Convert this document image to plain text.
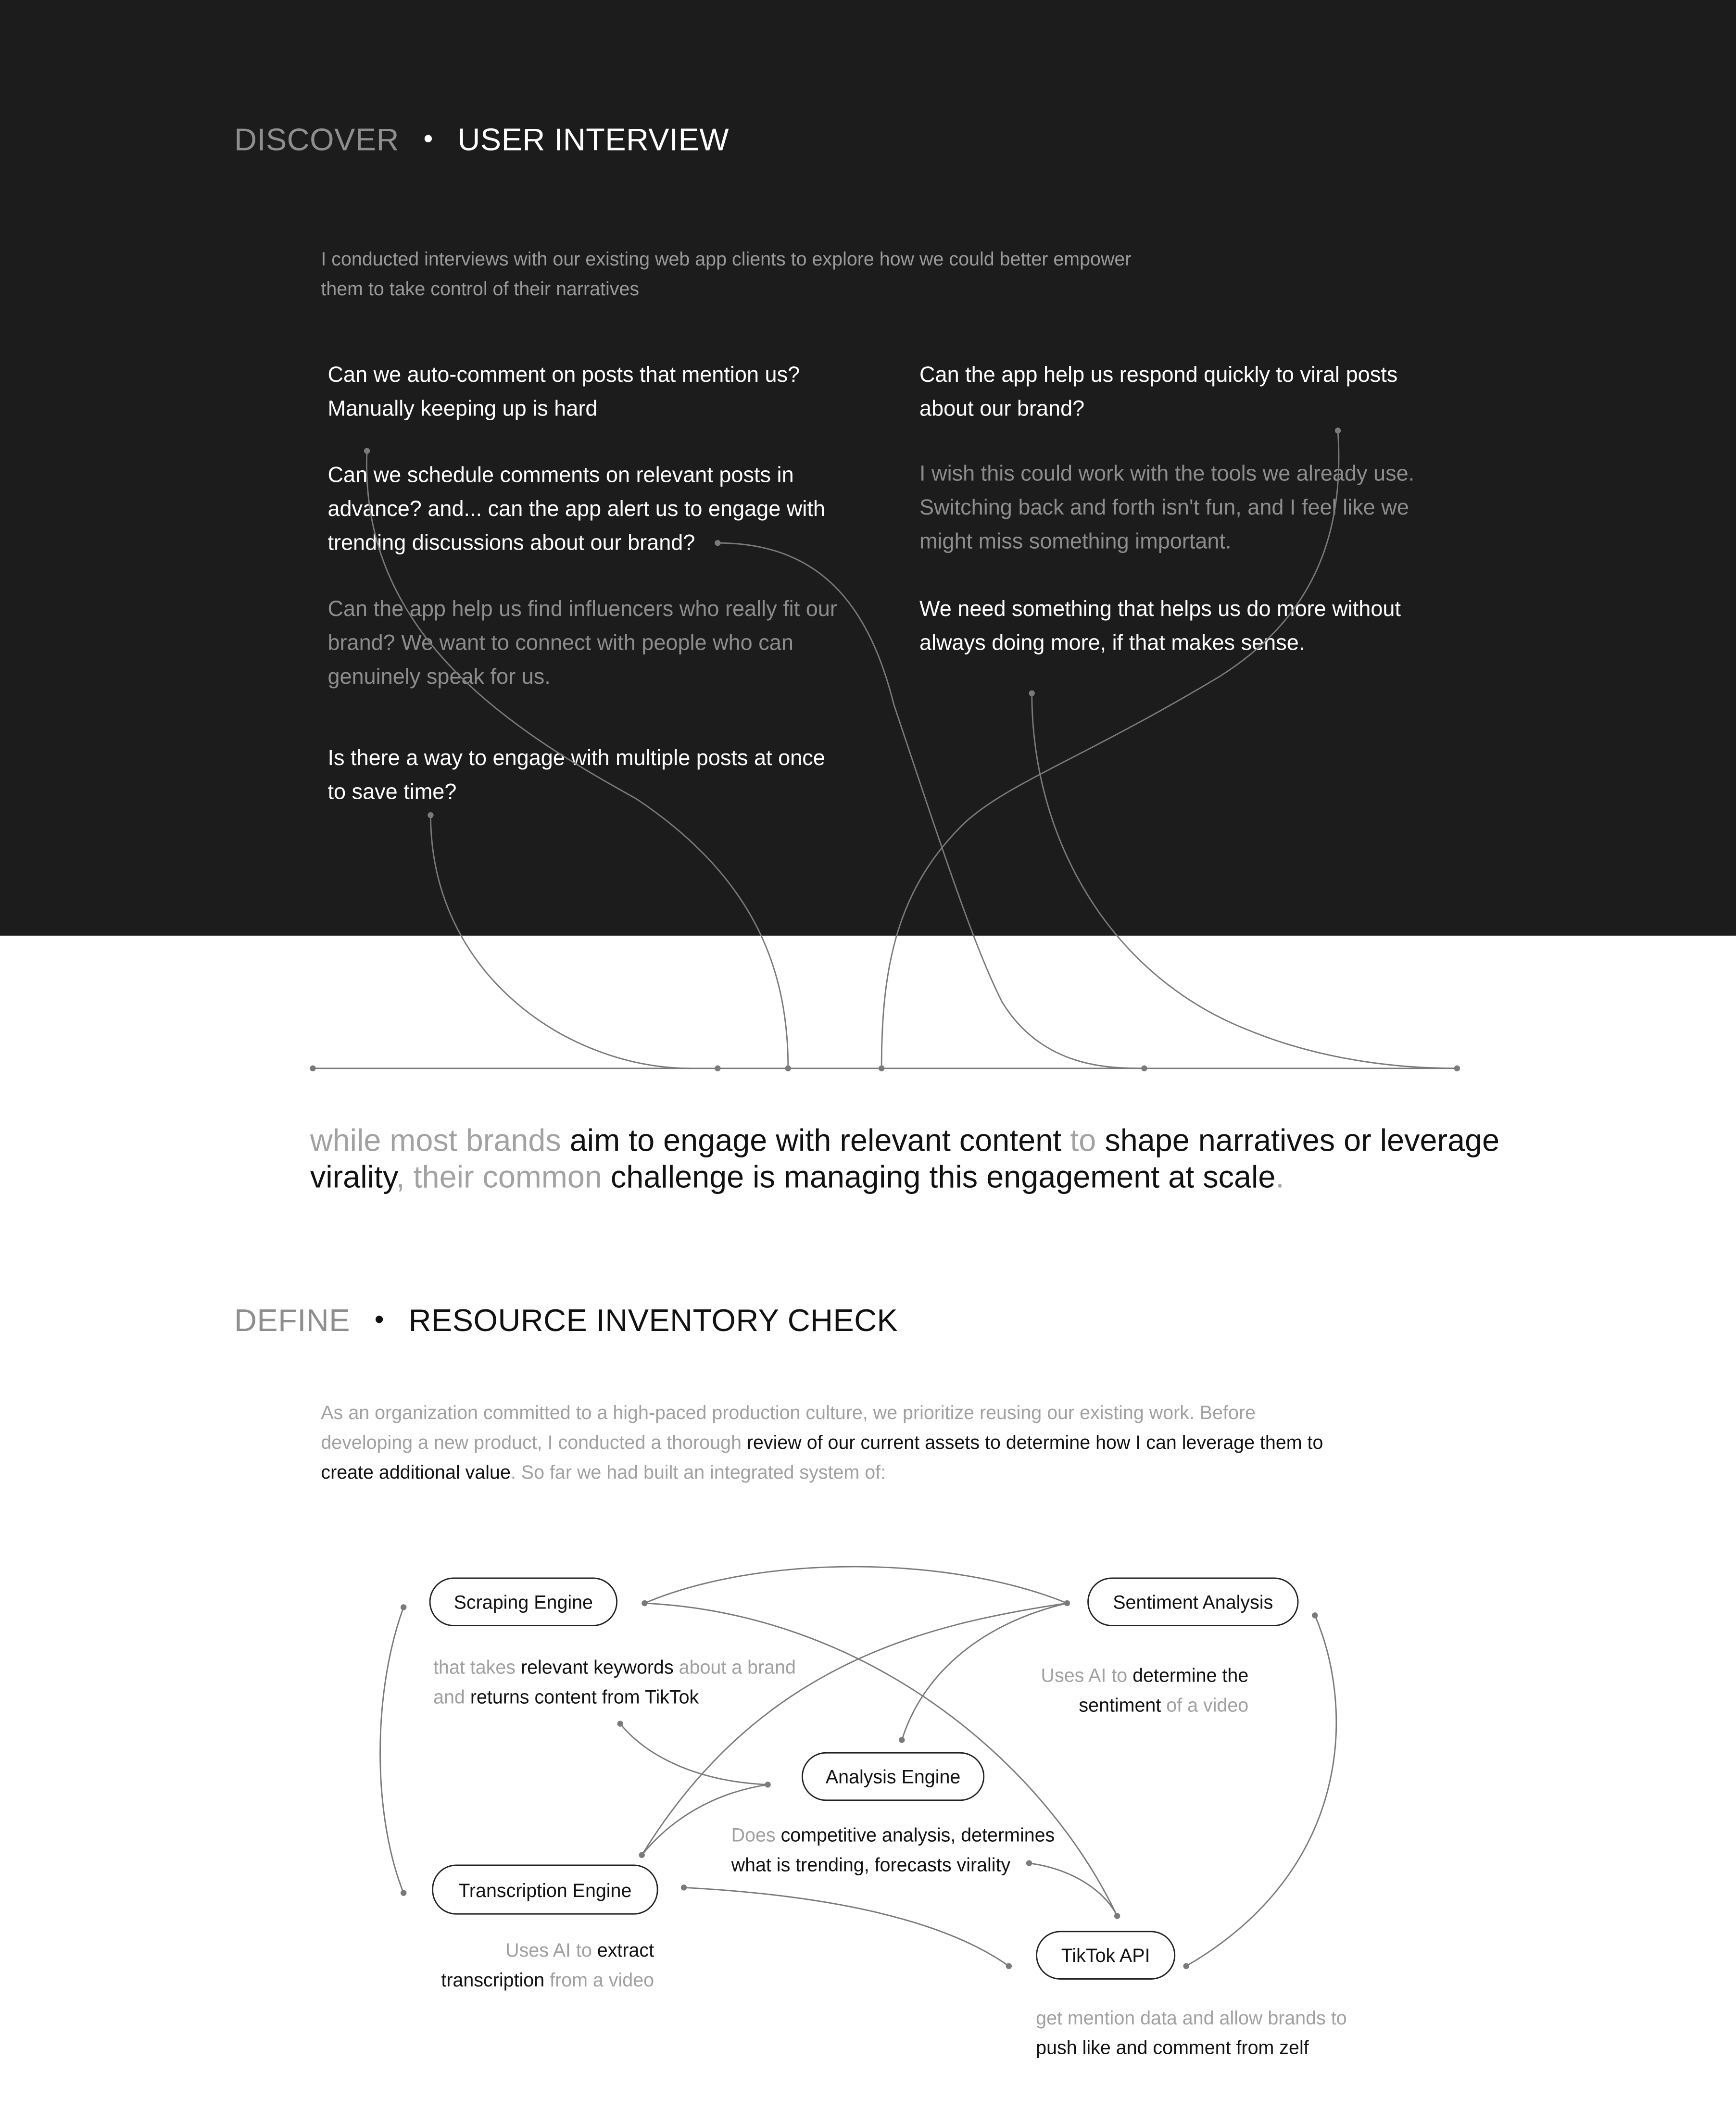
DISCOVER	• USER INTERVIEW
I conducted interviews with our existing web app clients to explore how we could better empower
them to take control of their narratives
Can we auto-comment on posts that mention us?
Manually keeping up is hard
Can we schedule comments on relevant posts in
advance? and... can the app alert us to engage with
trending discussions about our brand?
Can the app help us find influencers who really fit our
brand? We want to connect with people who can
genuinely speak for us.
Is there a way to engage with multiple posts at once
to save time?
Can the app help us respond quickly to viral posts
about our brand?
I wish this could work with the tools we already use.
Switching back and forth isn't fun, and I feel like we
might miss something important.
We need something that helps us do more without
always doing more, if that makes sense.
while most brands aim to engage with relevant content to shape narratives or leverage virality, their common challenge is managing this engagement at scale.
DEFINE	• RESOURCE INVENTORY CHECK
As an organization committed to a high-paced production culture, we prioritize reusing our existing work. Before developing a new product, I conducted a thorough review of our current assets to determine how I can leverage them to create additional value. So far we had built an integrated system of:
Scraping Engine
that takes relevant keywords about a brand
and returns content from TikTok
Sentiment Analysis
Uses AI to determine the
sentiment of a video
Analysis Engine
Does competitive analysis, determines
what is trending, forecasts virality
Transcription Engine
Uses AI to extract
transcription from a video
TikTok API
get mention data and allow brands to
push like and comment from zelf
